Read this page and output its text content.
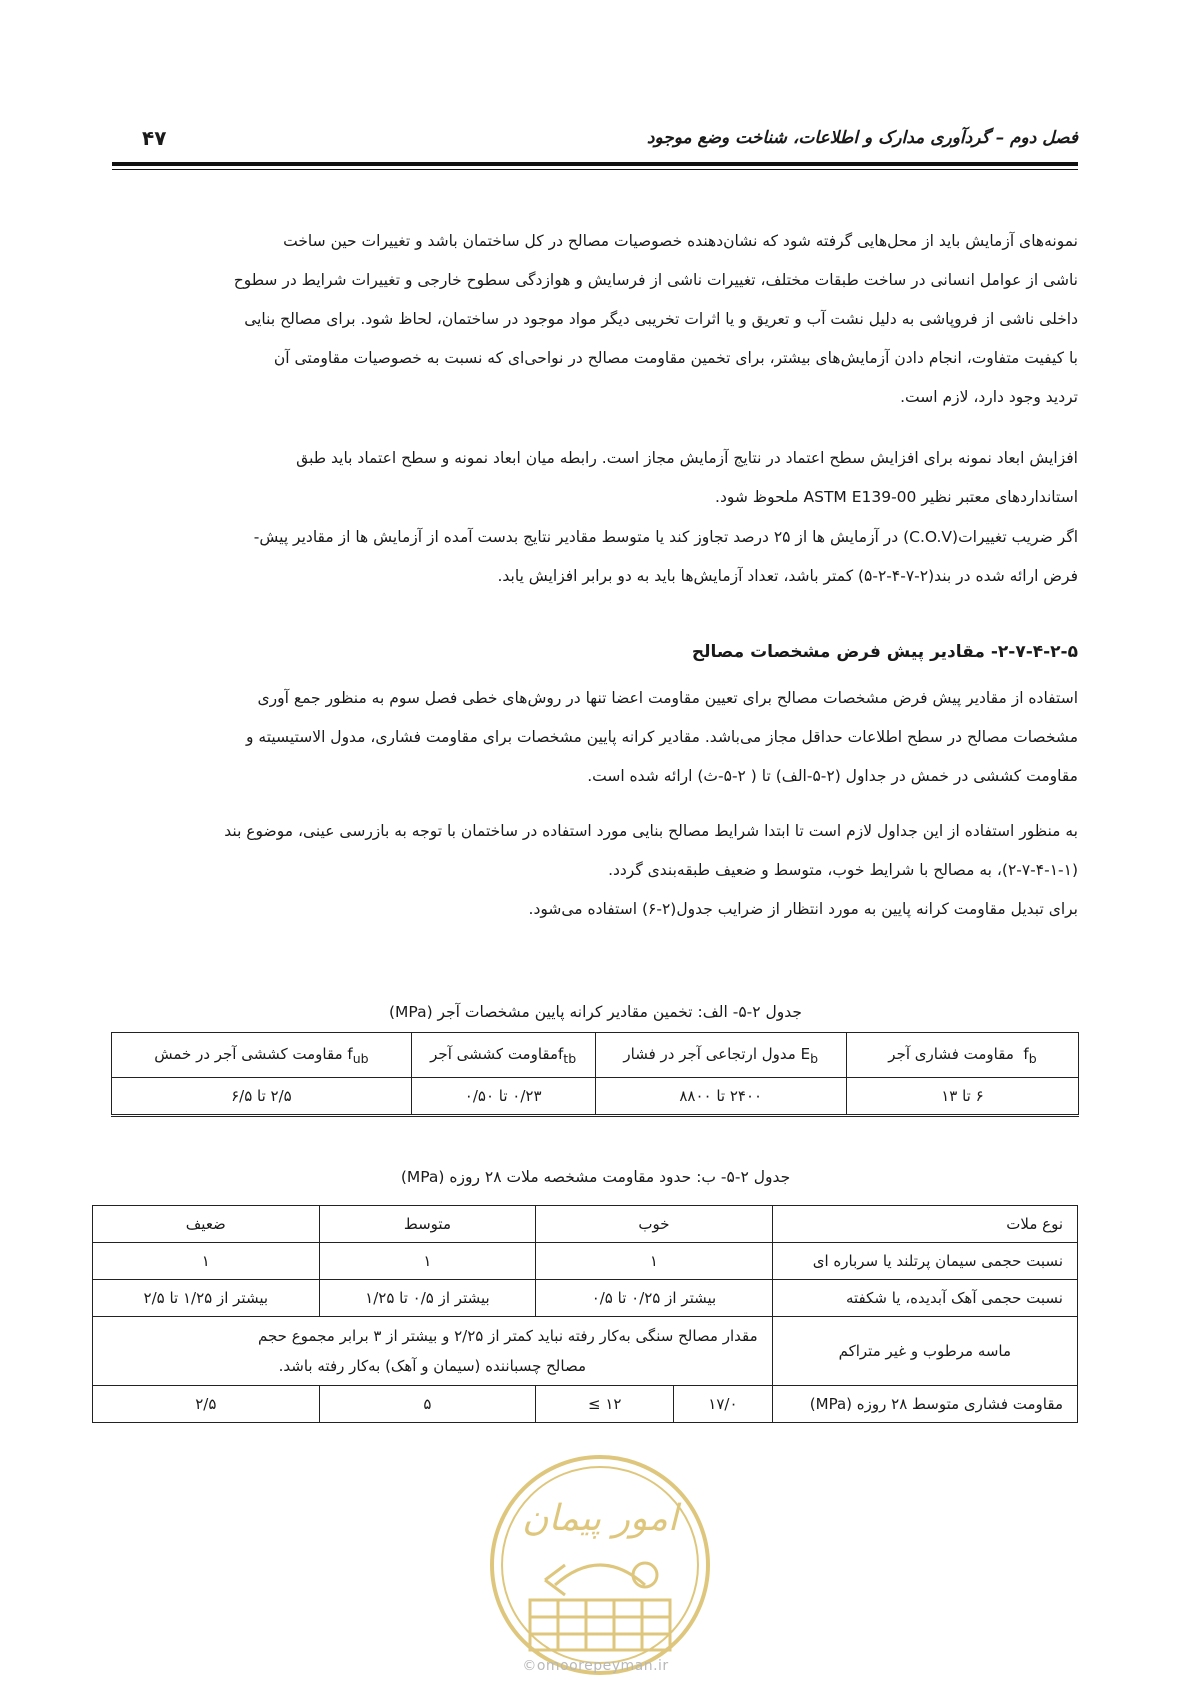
فصل دوم – گردآوری مدارک و اطلاعات، شناخت وضع موجود
۴۷
نمونه‌های آزمایش باید از محل‌هایی گرفته شود که نشان‌دهنده خصوصیات مصالح در کل ساختمان باشد و تغییرات حین ساخت
ناشی از عوامل انسانی در ساخت طبقات مختلف، تغییرات ناشی از فرسایش و هوازدگی سطوح خارجی و تغییرات شرایط در سطوح
داخلی ناشی از فروپاشی به دلیل نشت آب و تعریق و یا اثرات تخریبی دیگر مواد موجود در ساختمان، لحاظ شود. برای مصالح بنایی
با کیفیت متفاوت، انجام دادن آزمایش‌های بیشتر، برای تخمین مقاومت مصالح در نواحی‌ای که نسبت به خصوصیات مقاومتی آن
تردید وجود دارد، لازم است.
افزایش ابعاد نمونه برای افزایش سطح اعتماد در نتایج آزمایش مجاز است. رابطه میان ابعاد نمونه و سطح اعتماد باید طبق
استانداردهای معتبر نظیر ASTM E139-00 ملحوظ شود.
اگر ضریب تغییرات(C.O.V) در آزمایش ها از ۲۵ درصد تجاوز کند یا متوسط مقادیر نتایج بدست آمده از آزمایش ها از مقادیر پیش-
فرض ارائه شده در بند(۲-۷-۴-۲-۵) کمتر باشد، تعداد آزمایش‌ها باید به دو برابر افزایش یابد.
۲-۷-۴-۲-۵- مقادیر پیش فرض مشخصات مصالح
استفاده از مقادیر پیش فرض مشخصات مصالح برای تعیین مقاومت اعضا تنها در روش‌های خطی فصل سوم به منظور جمع آوری
مشخصات مصالح در سطح اطلاعات حداقل مجاز می‌باشد. مقادیر کرانه پایین مشخصات برای مقاومت فشاری، مدول الاستیسیته و
مقاومت کششی در خمش در جداول (۲-۵-الف) تا ( ۲-۵-ث) ارائه شده است.
به منظور استفاده از این جداول لازم است تا ابتدا شرایط مصالح بنایی مورد استفاده در ساختمان با توجه به بازرسی عینی، موضوع بند
(۲-۷-۴-۱-۱)، به مصالح با شرایط خوب، متوسط و ضعیف طبقه‌بندی گردد.
برای تبدیل مقاومت کرانه پایین به مورد انتظار از ضرایب جدول(۲-۶) استفاده می‌شود.
جدول ۲-۵- الف: تخمین مقادیر کرانه پایین مشخصات آجر (MPa)
$f_b$  مقاومت فشاری آجر	$E_b$ مدول ارتجاعی آجر در فشار	$f_{tb}مقاومت$ کششی آجر	$f_{ub}$ مقاومت کششی آجر در خمش
۶ تا ۱۳	۲۴۰۰ تا ۸۸۰۰	۰/۲۳ تا ۰/۵۰	۲/۵ تا ۶/۵
جدول ۲-۵- ب: حدود مقاومت مشخصه ملات ۲۸ روزه (MPa)
نوع ملات	خوب		متوسط	ضعیف
نسبت حجمی سیمان پرتلند یا سرباره ای	۱		۱	۱
نسبت حجمی آهک آبدیده، یا شکفته	بیشتر از ۰/۲۵ تا ۰/۵		بیشتر از ۰/۵ تا ۱/۲۵	بیشتر از ۱/۲۵ تا ۲/۵
ماسه مرطوب و غیر متراکم	مقدار مصالح سنگی به‌کار رفته نباید کمتر از ۲/۲۵ و بیشتر از ۳ برابر مجموع حجم
مصالح چسباننده (سیمان و آهک) به‌کار رفته باشد.			

مقاومت فشاری متوسط ۲۸ روزه (MPa)	۱۷/۰	۱۲ ≥	۵	۲/۵
امور پیمان
©omoorepeyman.ir
